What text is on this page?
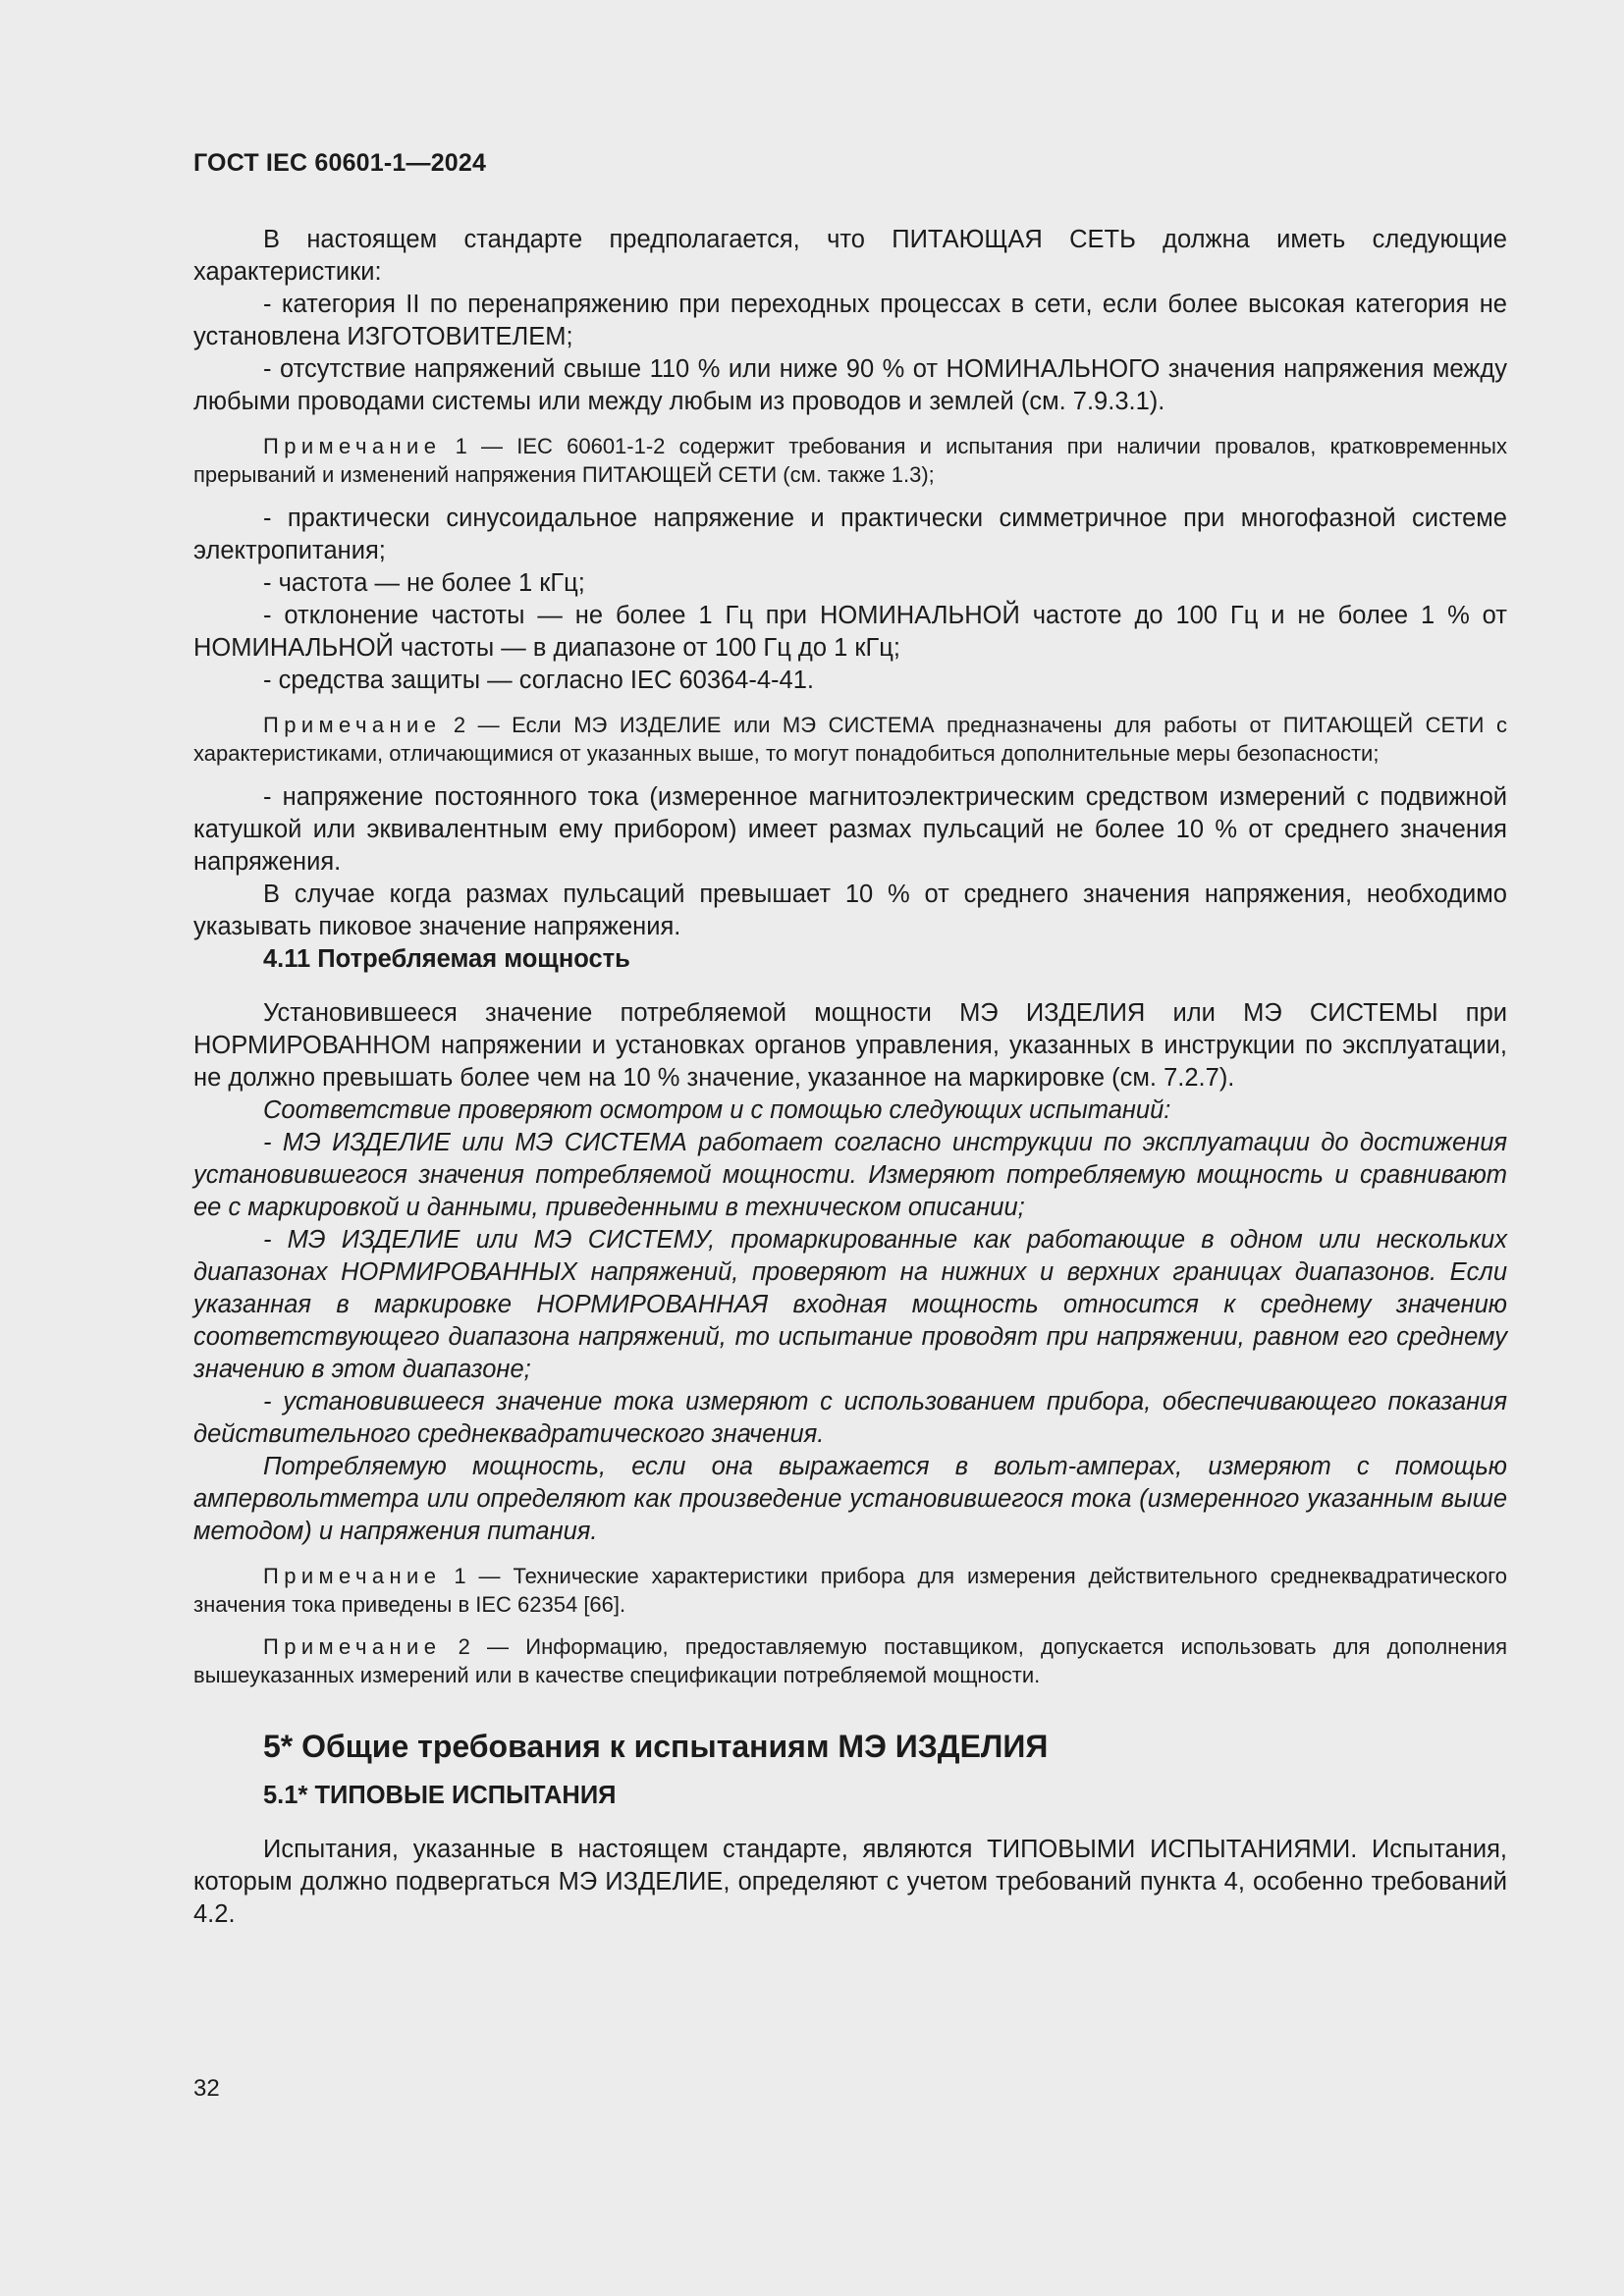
ГОСТ IEC 60601-1—2024

В настоящем стандарте предполагается, что ПИТАЮЩАЯ СЕТЬ должна иметь следующие характеристики:

- категория II по перенапряжению при переходных процессах в сети, если более высокая категория не установлена ИЗГОТОВИТЕЛЕМ;

- отсутствие напряжений свыше 110 % или ниже 90 % от НОМИНАЛЬНОГО значения напряжения между любыми проводами системы или между любым из проводов и землей (см. 7.9.3.1).

Примечание 1 — IEC 60601-1-2 содержит требования и испытания при наличии провалов, кратковременных прерываний и изменений напряжения ПИТАЮЩЕЙ СЕТИ (см. также 1.3);

- практически синусоидальное напряжение и практически симметричное при многофазной системе электропитания;

- частота — не более 1 кГц;

- отклонение частоты — не более 1 Гц при НОМИНАЛЬНОЙ частоте до 100 Гц и не более 1 % от НОМИНАЛЬНОЙ частоты — в диапазоне от 100 Гц до 1 кГц;

- средства защиты — согласно IEC 60364-4-41.

Примечание 2 — Если МЭ ИЗДЕЛИЕ или МЭ СИСТЕМА предназначены для работы от ПИТАЮЩЕЙ СЕТИ с характеристиками, отличающимися от указанных выше, то могут понадобиться дополнительные меры безопасности;

- напряжение постоянного тока (измеренное магнитоэлектрическим средством измерений с подвижной катушкой или эквивалентным ему прибором) имеет размах пульсаций не более 10 % от среднего значения напряжения.

В случае когда размах пульсаций превышает 10 % от среднего значения напряжения, необходимо указывать пиковое значение напряжения.

4.11 Потребляемая мощность

Установившееся значение потребляемой мощности МЭ ИЗДЕЛИЯ или МЭ СИСТЕМЫ при НОРМИРОВАННОМ напряжении и установках органов управления, указанных в инструкции по эксплуатации, не должно превышать более чем на 10 % значение, указанное на маркировке (см. 7.2.7).

Соответствие проверяют осмотром и с помощью следующих испытаний:

- МЭ ИЗДЕЛИЕ или МЭ СИСТЕМА работает согласно инструкции по эксплуатации до достижения установившегося значения потребляемой мощности. Измеряют потребляемую мощность и сравнивают ее с маркировкой и данными, приведенными в техническом описании;

- МЭ ИЗДЕЛИЕ или МЭ СИСТЕМУ, промаркированные как работающие в одном или нескольких диапазонах НОРМИРОВАННЫХ напряжений, проверяют на нижних и верхних границах диапазонов. Если указанная в маркировке НОРМИРОВАННАЯ входная мощность относится к среднему значению соответствующего диапазона напряжений, то испытание проводят при напряжении, равном его среднему значению в этом диапазоне;

- установившееся значение тока измеряют с использованием прибора, обеспечивающего показания действительного среднеквадратического значения.

Потребляемую мощность, если она выражается в вольт-амперах, измеряют с помощью ампервольтметра или определяют как произведение установившегося тока (измеренного указанным выше методом) и напряжения питания.

Примечание 1 — Технические характеристики прибора для измерения действительного среднеквадратического значения тока приведены в IEC 62354 [66].

Примечание 2 — Информацию, предоставляемую поставщиком, допускается использовать для дополнения вышеуказанных измерений или в качестве спецификации потребляемой мощности.

5* Общие требования к испытаниям МЭ ИЗДЕЛИЯ
5.1* ТИПОВЫЕ ИСПЫТАНИЯ

Испытания, указанные в настоящем стандарте, являются ТИПОВЫМИ ИСПЫТАНИЯМИ. Испытания, которым должно подвергаться МЭ ИЗДЕЛИЕ, определяют с учетом требований пункта 4, особенно требований 4.2.

32
